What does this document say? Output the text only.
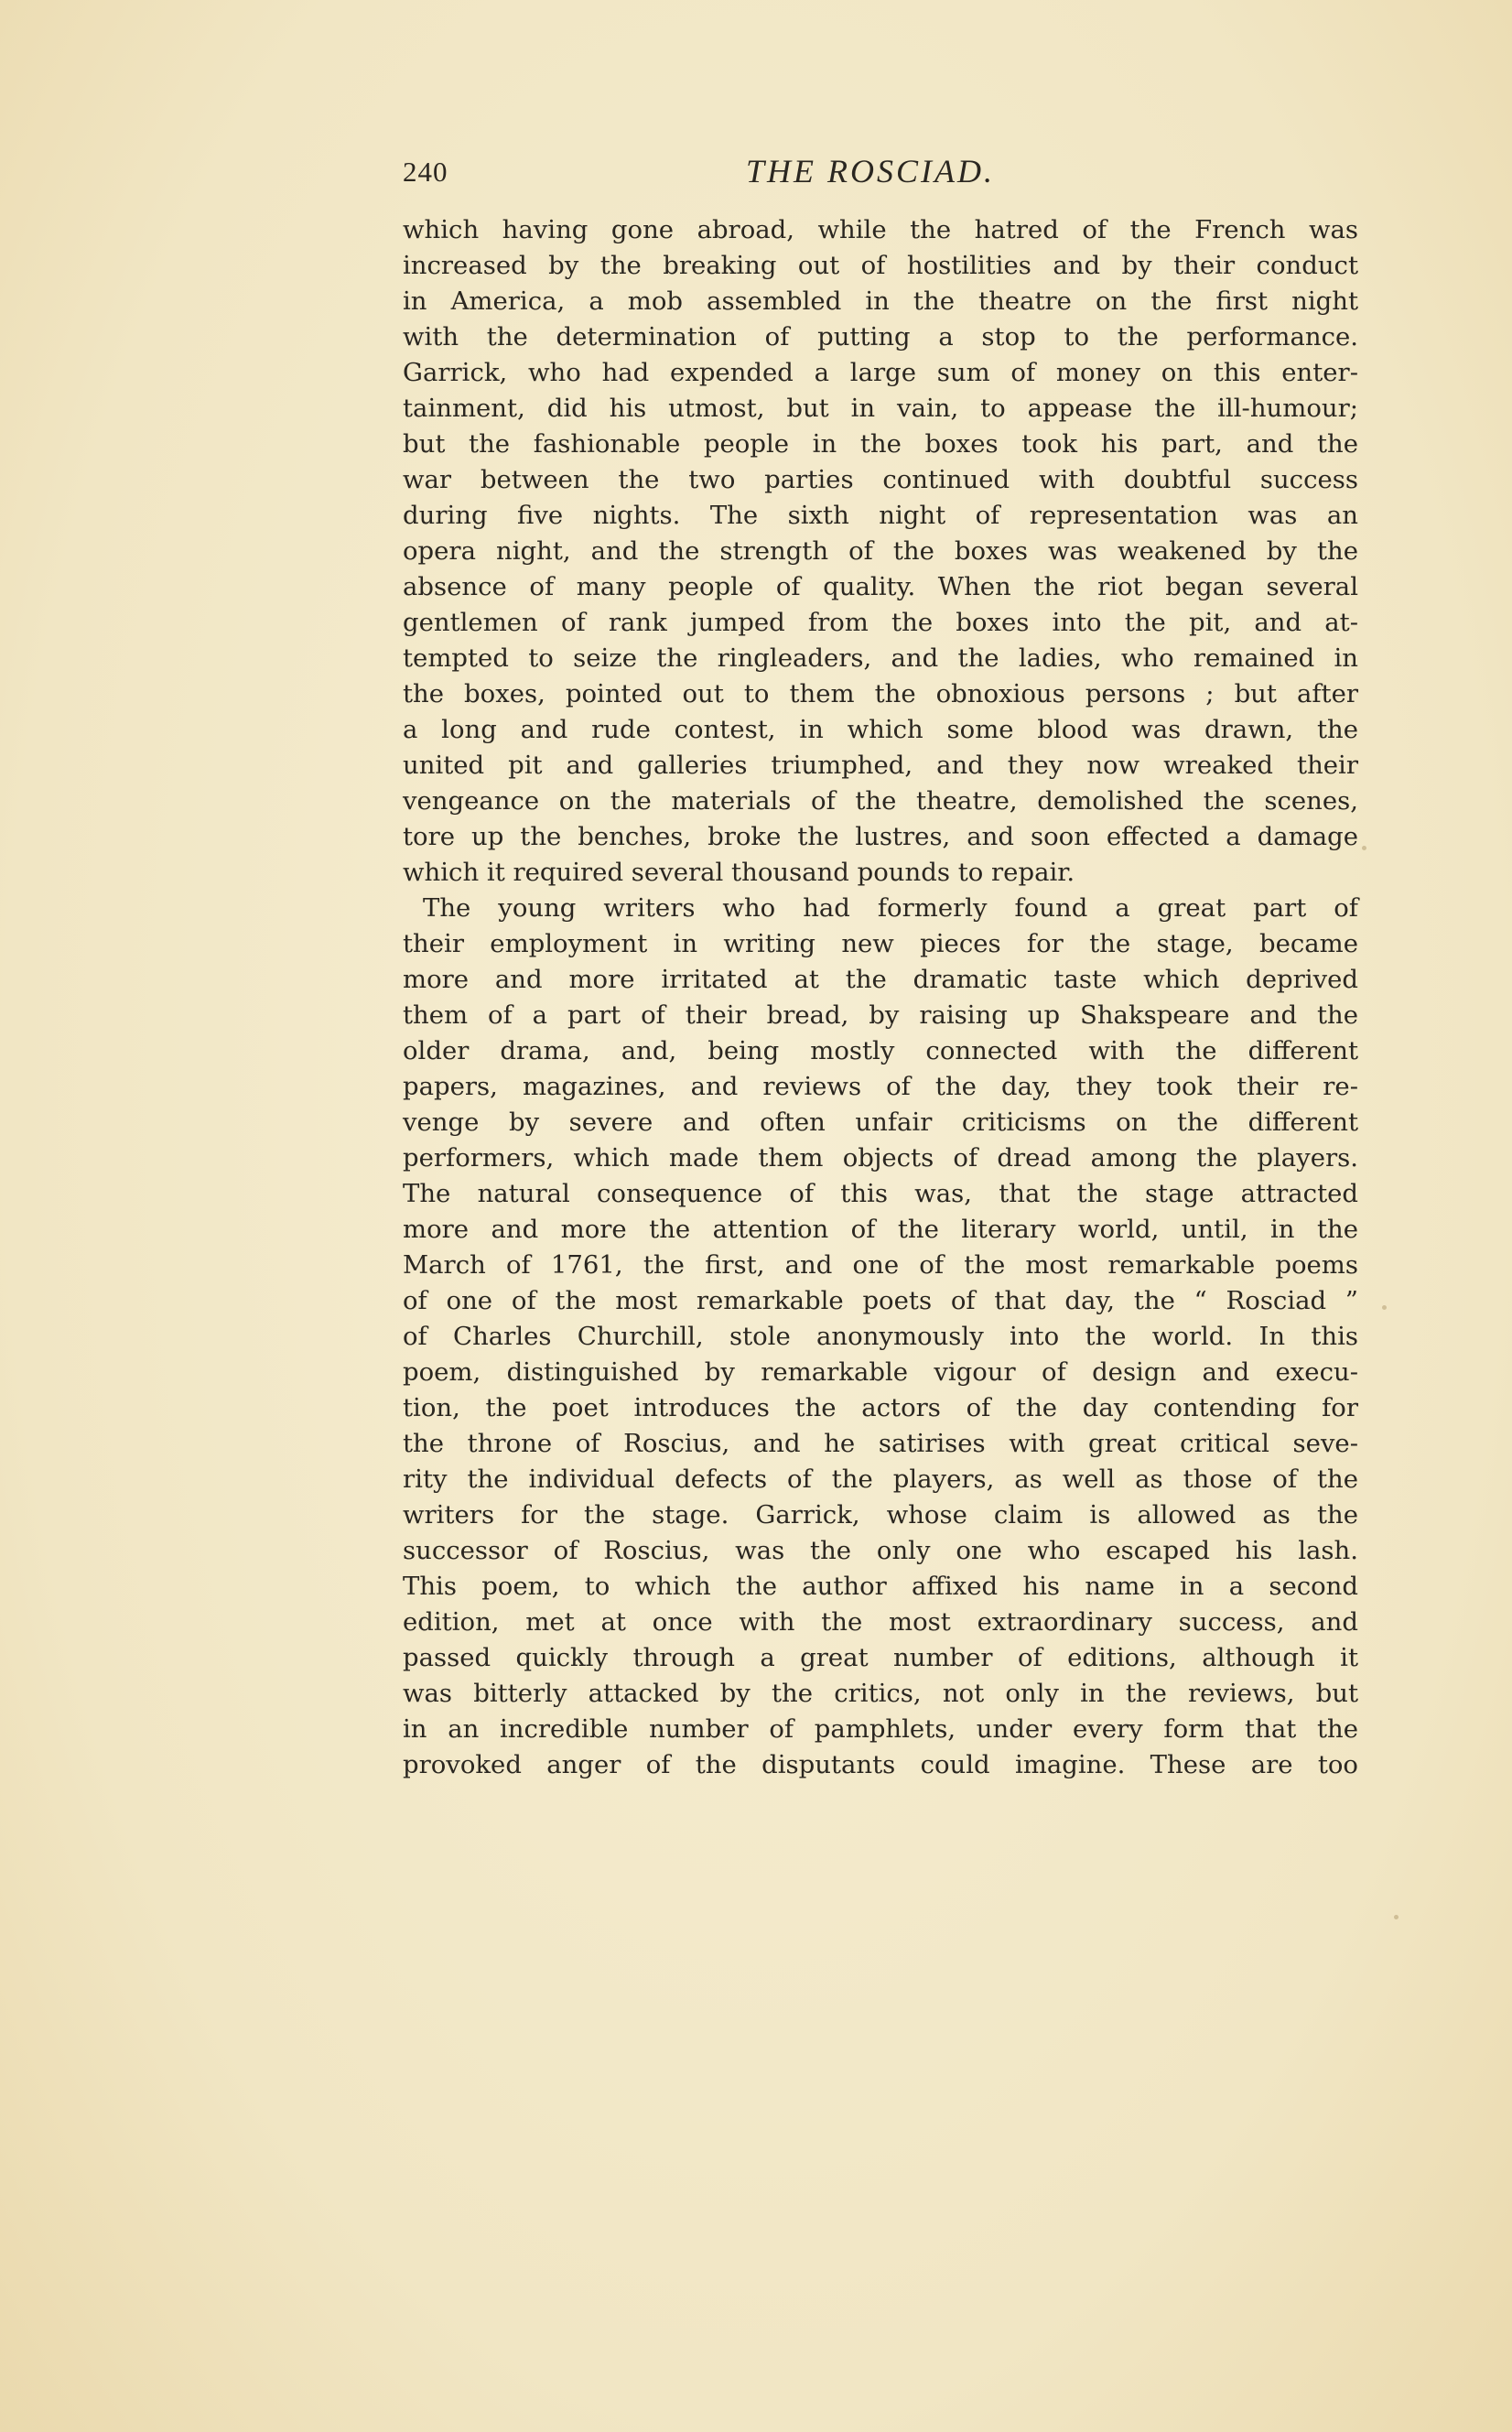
240	THE ROSCIAD.
which having gone abroad, while the hatred of the French was
increased by the breaking out of hostilities and by their conduct
in America, a mob assembled in the theatre on the first night
with the determination of putting a stop to the performance.
Garrick, who had expended a large sum of money on this enter-
tainment, did his utmost, but in vain, to appease the ill-humour;
but the fashionable people in the boxes took his part, and the
war between the two parties continued with doubtful success
during five nights. The sixth night of representation was an
opera night, and the strength of the boxes was weakened by the
absence of many people of quality. When the riot began several
gentlemen of rank jumped from the boxes into the pit, and at-
tempted to seize the ringleaders, and the ladies, who remained in
the boxes, pointed out to them the obnoxious persons ; but after
a long and rude contest, in which some blood was drawn, the
united pit and galleries triumphed, and they now wreaked their
vengeance on the materials of the theatre, demolished the scenes,
tore up the benches, broke the lustres, and soon effected a damage
which it required several thousand pounds to repair.
The young writers who had formerly found a great part of
their employment in writing new pieces for the stage, became
more and more irritated at the dramatic taste which deprived
them of a part of their bread, by raising up Shakspeare and the
older drama, and, being mostly connected with the different
papers, magazines, and reviews of the day, they took their re-
venge by severe and often unfair criticisms on the different
performers, which made them objects of dread among the players.
The natural consequence of this was, that the stage attracted
more and more the attention of the literary world, until, in the
March of 1761, the first, and one of the most remarkable poems
of one of the most remarkable poets of that day, the “ Rosciad ”
of Charles Churchill, stole anonymously into the world. In this
poem, distinguished by remarkable vigour of design and execu-
tion, the poet introduces the actors of the day contending for
the throne of Roscius, and he satirises with great critical seve-
rity the individual defects of the players, as well as those of the
writers for the stage. Garrick, whose claim is allowed as the
successor of Roscius, was the only one who escaped his lash.
This poem, to which the author affixed his name in a second
edition, met at once with the most extraordinary success, and
passed quickly through a great number of editions, although it
was bitterly attacked by the critics, not only in the reviews, but
in an incredible number of pamphlets, under every form that the
provoked anger of the disputants could imagine. These are too
